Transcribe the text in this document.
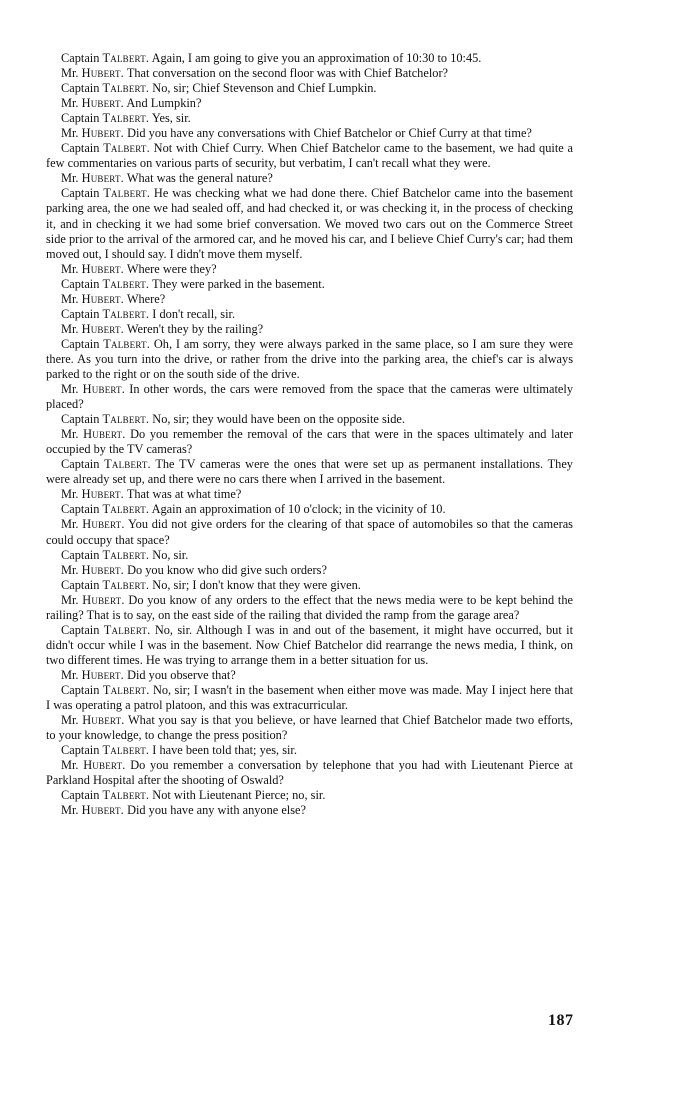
Captain Talbert. Again, I am going to give you an approximation of 10:30 to 10:45.

Mr. Hubert. That conversation on the second floor was with Chief Batchelor?

Captain Talbert. No, sir; Chief Stevenson and Chief Lumpkin.

Mr. Hubert. And Lumpkin?

Captain Talbert. Yes, sir.

Mr. Hubert. Did you have any conversations with Chief Batchelor or Chief Curry at that time?

Captain Talbert. Not with Chief Curry. When Chief Batchelor came to the basement, we had quite a few commentaries on various parts of security, but verbatim, I can't recall what they were.

Mr. Hubert. What was the general nature?

Captain Talbert. He was checking what we had done there. Chief Batchelor came into the basement parking area, the one we had sealed off, and had checked it, or was checking it, in the process of checking it, and in checking it we had some brief conversation. We moved two cars out on the Commerce Street side prior to the arrival of the armored car, and he moved his car, and I believe Chief Curry's car; had them moved out, I should say. I didn't move them myself.

Mr. Hubert. Where were they?

Captain Talbert. They were parked in the basement.

Mr. Hubert. Where?

Captain Talbert. I don't recall, sir.

Mr. Hubert. Weren't they by the railing?

Captain Talbert. Oh, I am sorry, they were always parked in the same place, so I am sure they were there. As you turn into the drive, or rather from the drive into the parking area, the chief's car is always parked to the right or on the south side of the drive.

Mr. Hubert. In other words, the cars were removed from the space that the cameras were ultimately placed?

Captain Talbert. No, sir; they would have been on the opposite side.

Mr. Hubert. Do you remember the removal of the cars that were in the spaces ultimately and later occupied by the TV cameras?

Captain Talbert. The TV cameras were the ones that were set up as permanent installations. They were already set up, and there were no cars there when I arrived in the basement.

Mr. Hubert. That was at what time?

Captain Talbert. Again an approximation of 10 o'clock; in the vicinity of 10.

Mr. Hubert. You did not give orders for the clearing of that space of automobiles so that the cameras could occupy that space?

Captain Talbert. No, sir.

Mr. Hubert. Do you know who did give such orders?

Captain Talbert. No, sir; I don't know that they were given.

Mr. Hubert. Do you know of any orders to the effect that the news media were to be kept behind the railing? That is to say, on the east side of the railing that divided the ramp from the garage area?

Captain Talbert. No, sir. Although I was in and out of the basement, it might have occurred, but it didn't occur while I was in the basement. Now Chief Batchelor did rearrange the news media, I think, on two different times. He was trying to arrange them in a better situation for us.

Mr. Hubert. Did you observe that?

Captain Talbert. No, sir; I wasn't in the basement when either move was made. May I inject here that I was operating a patrol platoon, and this was extracurricular.

Mr. Hubert. What you say is that you believe, or have learned that Chief Batchelor made two efforts, to your knowledge, to change the press position?

Captain Talbert. I have been told that; yes, sir.

Mr. Hubert. Do you remember a conversation by telephone that you had with Lieutenant Pierce at Parkland Hospital after the shooting of Oswald?

Captain Talbert. Not with Lieutenant Pierce; no, sir.

Mr. Hubert. Did you have any with anyone else?

187
